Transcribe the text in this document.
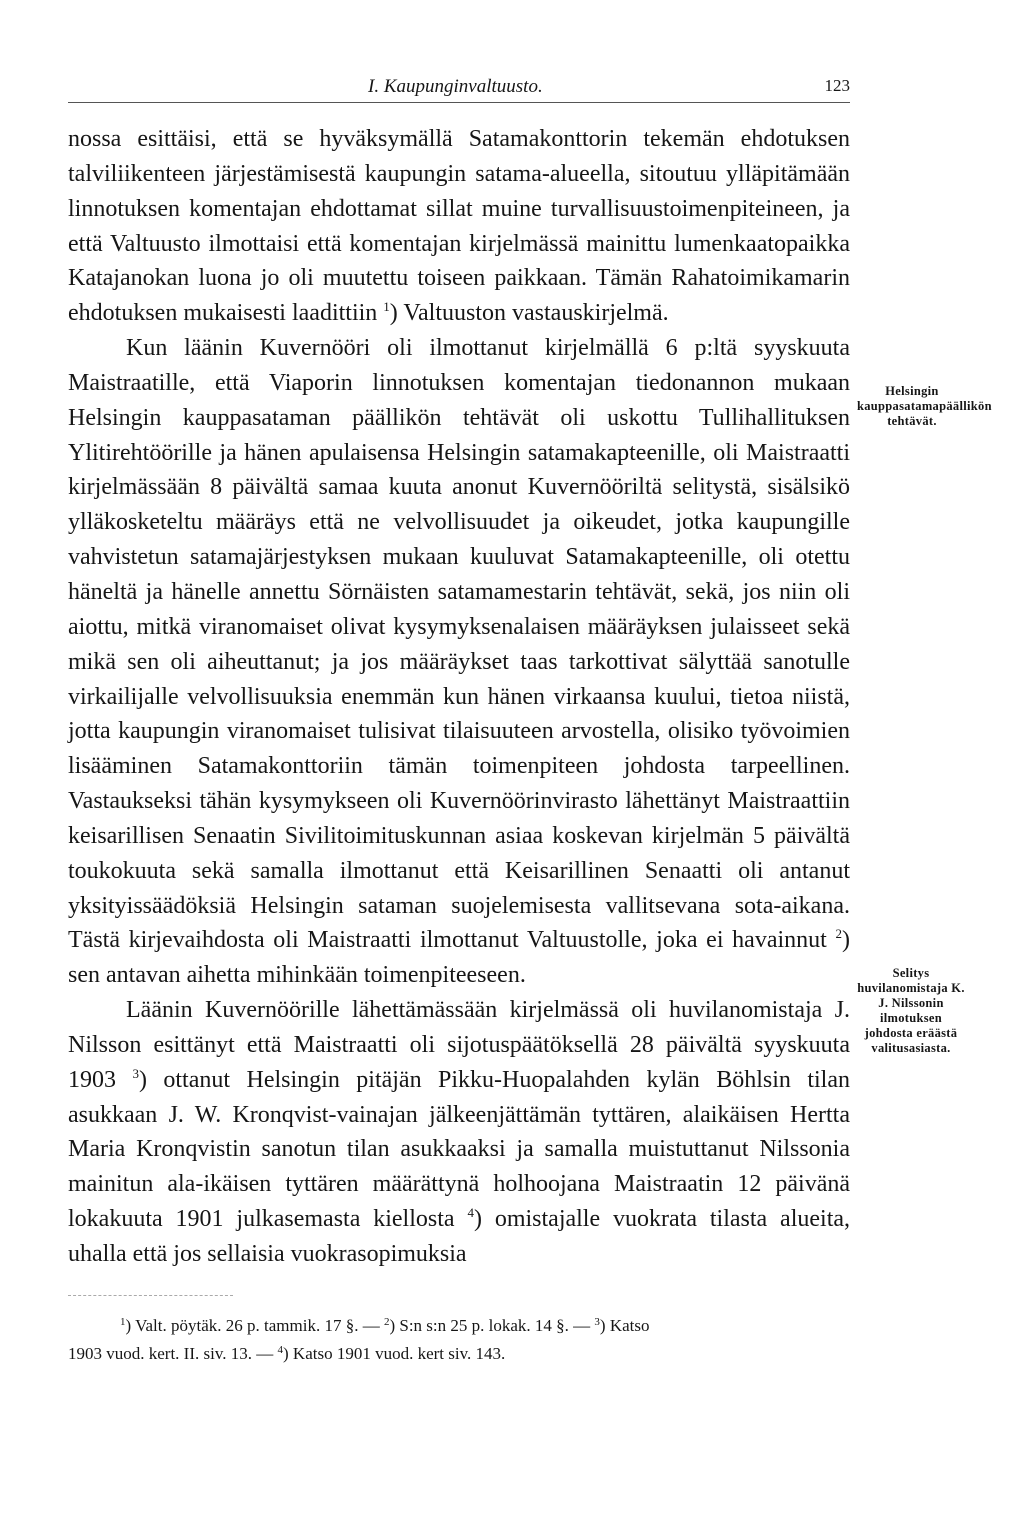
I. Kaupunginvaltuusto.	123

nossa esittäisi, että se hyväksymällä Satamakonttorin tekemän ehdotuksen talviliikenteen järjestämisestä kaupungin satama-alueella, sitoutuu ylläpitämään linnotuksen komentajan ehdottamat sillat muine turvallisuustoimenpiteineen, ja että Valtuusto ilmottaisi että komentajan kirjelmässä mainittu lumenkaatopaikka Katajanokan luona jo oli muutettu toiseen paikkaan. Tämän Rahatoimikamarin ehdotuksen mukaisesti laadittiin $^1$) Valtuuston vastauskirjelmä.

Kun läänin Kuvernööri oli ilmottanut kirjelmällä 6 p:ltä syyskuuta Maistraatille, että Viaporin linnotuksen komentajan tiedonannon mukaan Helsingin kauppasataman päällikön tehtävät oli uskottu Tullihallituksen Ylitirehtöörille ja hänen apulaisensa Helsingin satamakapteenille, oli Maistraatti kirjelmässään 8 päivältä samaa kuuta anonut Kuvernööriltä selitystä, sisälsikö ylläkosketeltu määräys että ne velvollisuudet ja oikeudet, jotka kaupungille vahvistetun satamajärjestyksen mukaan kuuluvat Satamakapteenille, oli otettu häneltä ja hänelle annettu Sörnäisten satamamestarin tehtävät, sekä, jos niin oli aiottu, mitkä viranomaiset olivat kysymyksenalaisen määräyksen julaisseet sekä mikä sen oli aiheuttanut; ja jos määräykset taas tarkottivat sälyttää sanotulle virkailijalle velvollisuuksia enemmän kun hänen virkaansa kuului, tietoa niistä, jotta kaupungin viranomaiset tulisivat tilaisuuteen arvostella, olisiko työvoimien lisääminen Satamakonttoriin tämän toimenpiteen johdosta tarpeellinen. Vastaukseksi tähän kysymykseen oli Kuvernöörinvirasto lähettänyt Maistraattiin keisarillisen Senaatin Sivilitoimituskunnan asiaa koskevan kirjelmän 5 päivältä toukokuuta sekä samalla ilmottanut että Keisarillinen Senaatti oli antanut yksityissäädöksiä Helsingin sataman suojelemisesta vallitsevana sota-aikana. Tästä kirjevaihdosta oli Maistraatti ilmottanut Valtuustolle, joka ei havainnut $^2$) sen antavan aihetta mihinkään toimenpiteeseen.

Läänin Kuvernöörille lähettämässään kirjelmässä oli huvilanomistaja J. Nilsson esittänyt että Maistraatti oli sijotuspäätöksellä 28 päivältä syyskuuta 1903 $^3$) ottanut Helsingin pitäjän Pikku-Huopalahden kylän Böhlsin tilan asukkaan J. W. Kronqvist-vainajan jälkeenjättämän tyttären, alaikäisen Hertta Maria Kronqvistin sanotun tilan asukkaaksi ja samalla muistuttanut Nilssonia mainitun ala-ikäisen tyttären määrättynä holhoojana Maistraatin 12 päivänä lokakuuta 1901 julkasemasta kiellosta $^4$) omistajalle vuokrata tilasta alueita, uhalla että jos sellaisia vuokrasopimuksia

Helsingin kauppasatamapäällikön tehtävät.
Selitys huvilanomistaja K. J. Nilssonin ilmotuksen johdosta eräästä valitusasiasta.
$^1$) Valt. pöytäk. 26 p. tammik. 17 §. — $^2$) S:n s:n 25 p. lokak. 14 §. — $^3$) Katso
1903 vuod. kert. II. siv. 13. — $^4$) Katso 1901 vuod. kert siv. 143.
